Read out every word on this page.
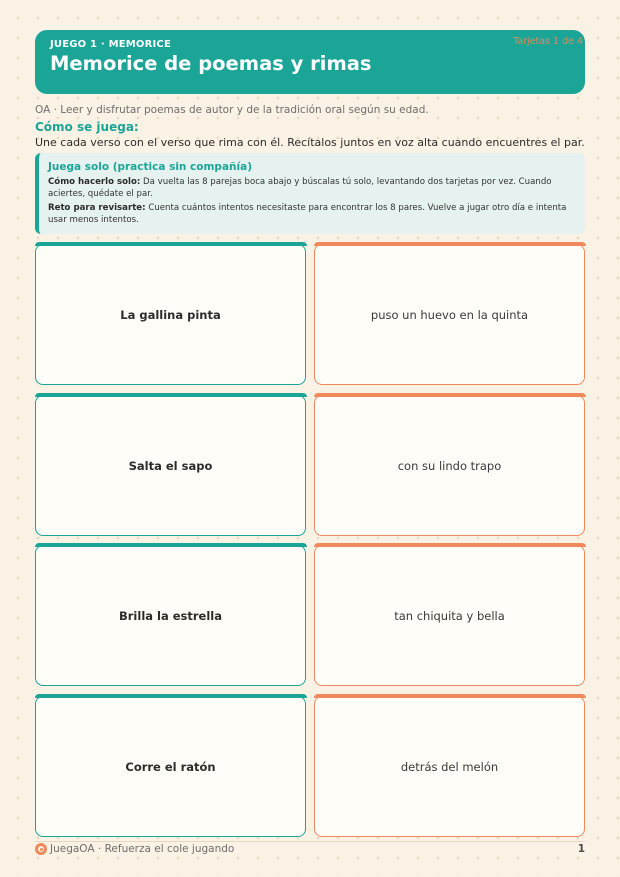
JUEGO 1 · MEMORICE
Memorice de poemas y rimas
Tarjetas 1 de 4
OA · Leer y disfrutar poemas de autor y de la tradición oral según su edad.
Cómo se juega:
Une cada verso con el verso que rima con él. Recítalos juntos en voz alta cuando encuentres el par.
Juega solo (practica sin compañía)
Cómo hacerlo solo: Da vuelta las 8 parejas boca abajo y búscalas tú solo, levantando dos tarjetas por vez. Cuando aciertes, quédate el par.
Reto para revisarte: Cuenta cuántos intentos necesitaste para encontrar los 8 pares. Vuelve a jugar otro día e intenta usar menos intentos.
La gallina pinta	puso un huevo en la quinta
Salta el sapo	con su lindo trapo
Brilla la estrella	tan chiquita y bella
Corre el ratón	detrás del melón
JuegaOA · Refuerza el cole jugando	1
